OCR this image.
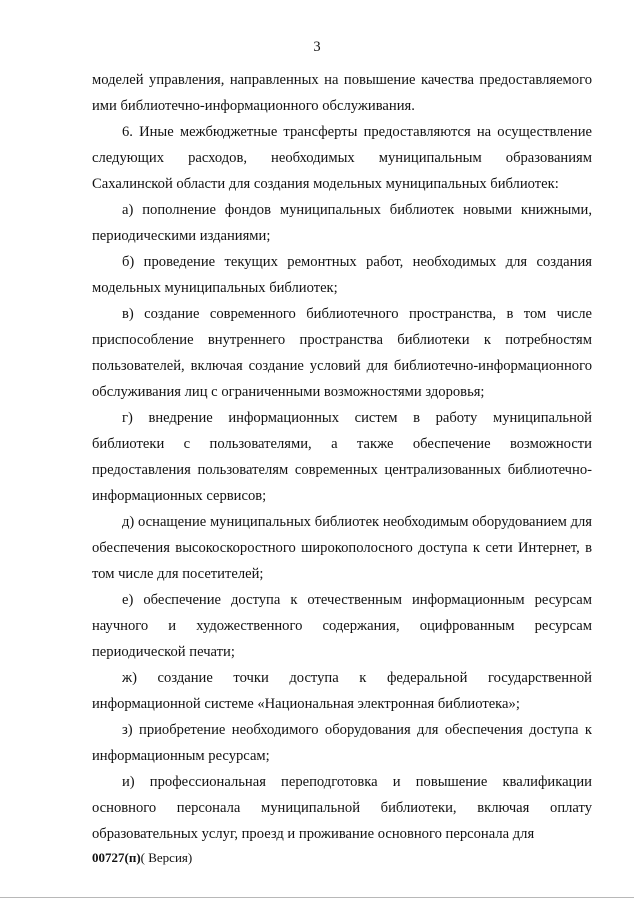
3

моделей управления, направленных на повышение качества предоставляемого ими библиотечно-информационного обслуживания.

6. Иные межбюджетные трансферты предоставляются на осуществление следующих расходов, необходимых муниципальным образованиям Сахалинской области для создания модельных муниципальных библиотек:

а) пополнение фондов муниципальных библиотек новыми книжными, периодическими изданиями;

б) проведение текущих ремонтных работ, необходимых для создания модельных муниципальных библиотек;

в) создание современного библиотечного пространства, в том числе приспособление внутреннего пространства библиотеки к потребностям пользователей, включая создание условий для библиотечно-информационного обслуживания лиц с ограниченными возможностями здоровья;

г) внедрение информационных систем в работу муниципальной библиотеки с пользователями, а также обеспечение возможности предоставления пользователям современных централизованных библиотечно-информационных сервисов;

д) оснащение муниципальных библиотек необходимым оборудованием для обеспечения высокоскоростного широкополосного доступа к сети Интернет, в том числе для посетителей;

е) обеспечение доступа к отечественным информационным ресурсам научного и художественного содержания, оцифрованным ресурсам периодической печати;

ж) создание точки доступа к федеральной государственной информационной системе «Национальная электронная библиотека»;

з) приобретение необходимого оборудования для обеспечения доступа к информационным ресурсам;

и) профессиональная переподготовка и повышение квалификации основного персонала муниципальной библиотеки, включая оплату образовательных услуг, проезд и проживание основного персонала для

00727(п)( Версия)
